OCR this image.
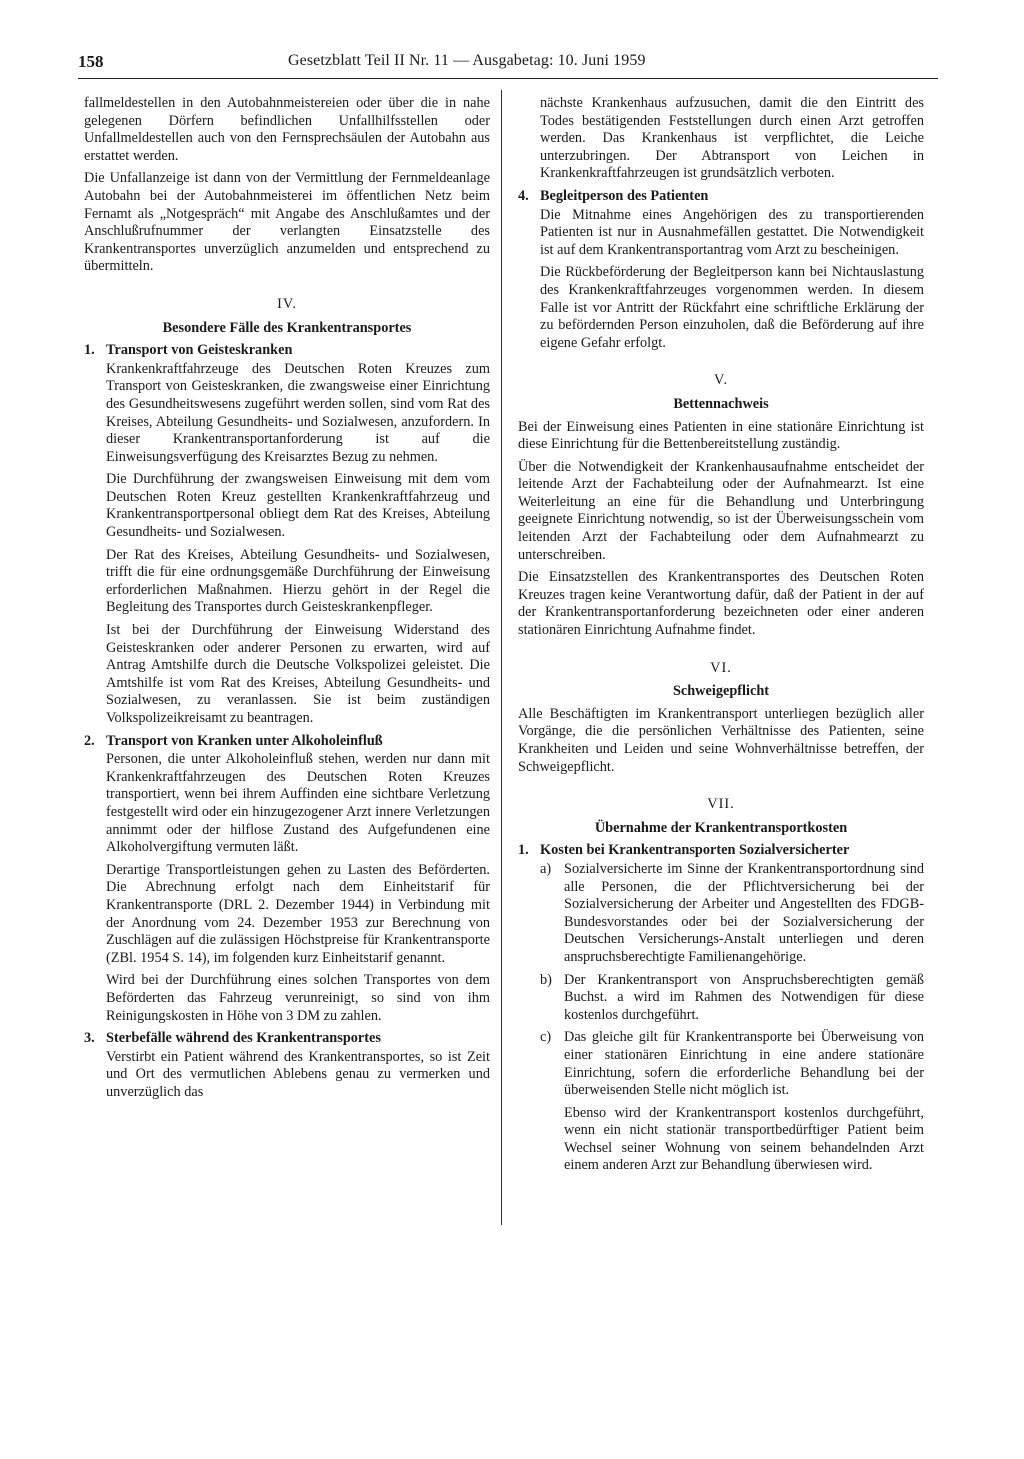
158	Gesetzblatt Teil II Nr. 11 — Ausgabetag: 10. Juni 1959

fallmeldestellen in den Autobahnmeistereien oder über die in nahe gelegenen Dörfern befindlichen Unfallhilfsstellen oder Unfallmeldestellen auch von den Fernsprechsäulen der Autobahn aus erstattet werden.

Die Unfallanzeige ist dann von der Vermittlung der Fernmeldeanlage Autobahn bei der Autobahnmeisterei im öffentlichen Netz beim Fernamt als „Notgespräch“ mit Angabe des Anschlußamtes und der Anschlußrufnummer der verlangten Einsatzstelle des Krankentransportes unverzüglich anzumelden und entsprechend zu übermitteln.

IV.
Besondere Fälle des Krankentransportes
1. Transport von Geisteskranken

Krankenkraftfahrzeuge des Deutschen Roten Kreuzes zum Transport von Geisteskranken, die zwangsweise einer Einrichtung des Gesundheitswesens zugeführt werden sollen, sind vom Rat des Kreises, Abteilung Gesundheits- und Sozialwesen, anzufordern. In dieser Krankentransportanforderung ist auf die Einweisungsverfügung des Kreisarztes Bezug zu nehmen.

Die Durchführung der zwangsweisen Einweisung mit dem vom Deutschen Roten Kreuz gestellten Krankenkraftfahrzeug und Krankentransportpersonal obliegt dem Rat des Kreises, Abteilung Gesundheits- und Sozialwesen.

Der Rat des Kreises, Abteilung Gesundheits- und Sozialwesen, trifft die für eine ordnungsgemäße Durchführung der Einweisung erforderlichen Maßnahmen. Hierzu gehört in der Regel die Begleitung des Transportes durch Geisteskrankenpfleger.

Ist bei der Durchführung der Einweisung Widerstand des Geisteskranken oder anderer Personen zu erwarten, wird auf Antrag Amtshilfe durch die Deutsche Volkspolizei geleistet. Die Amtshilfe ist vom Rat des Kreises, Abteilung Gesundheits- und Sozialwesen, zu veranlassen. Sie ist beim zuständigen Volkspolizeikreisamt zu beantragen.

2. Transport von Kranken unter Alkoholeinfluß

Personen, die unter Alkoholeinfluß stehen, werden nur dann mit Krankenkraftfahrzeugen des Deutschen Roten Kreuzes transportiert, wenn bei ihrem Auffinden eine sichtbare Verletzung festgestellt wird oder ein hinzugezogener Arzt innere Verletzungen annimmt oder der hilflose Zustand des Aufgefundenen eine Alkoholvergiftung vermuten läßt.

Derartige Transportleistungen gehen zu Lasten des Beförderten. Die Abrechnung erfolgt nach dem Einheitstarif für Krankentransporte (DRL 2. Dezember 1944) in Verbindung mit der Anordnung vom 24. Dezember 1953 zur Berechnung von Zuschlägen auf die zulässigen Höchstpreise für Krankentransporte (ZBl. 1954 S. 14), im folgenden kurz Einheitstarif genannt.

Wird bei der Durchführung eines solchen Transportes von dem Beförderten das Fahrzeug verunreinigt, so sind von ihm Reinigungskosten in Höhe von 3 DM zu zahlen.

3. Sterbefälle während des Krankentransportes

Verstirbt ein Patient während des Krankentransportes, so ist Zeit und Ort des vermutlichen Ablebens genau zu vermerken und unverzüglich das

nächste Krankenhaus aufzusuchen, damit die den Eintritt des Todes bestätigenden Feststellungen durch einen Arzt getroffen werden. Das Krankenhaus ist verpflichtet, die Leiche unterzubringen. Der Abtransport von Leichen in Krankenkraftfahrzeugen ist grundsätzlich verboten.

4. Begleitperson des Patienten

Die Mitnahme eines Angehörigen des zu transportierenden Patienten ist nur in Ausnahmefällen gestattet. Die Notwendigkeit ist auf dem Krankentransportantrag vom Arzt zu bescheinigen.

Die Rückbeförderung der Begleitperson kann bei Nichtauslastung des Krankenkraftfahrzeuges vorgenommen werden. In diesem Falle ist vor Antritt der Rückfahrt eine schriftliche Erklärung der zu befördernden Person einzuholen, daß die Beförderung auf ihre eigene Gefahr erfolgt.

V.
Bettennachweis

Bei der Einweisung eines Patienten in eine stationäre Einrichtung ist diese Einrichtung für die Bettenbereitstellung zuständig.

Über die Notwendigkeit der Krankenhausaufnahme entscheidet der leitende Arzt der Fachabteilung oder der Aufnahmearzt. Ist eine Weiterleitung an eine für die Behandlung und Unterbringung geeignete Einrichtung notwendig, so ist der Überweisungsschein vom leitenden Arzt der Fachabteilung oder dem Aufnahmearzt zu unterschreiben.

Die Einsatzstellen des Krankentransportes des Deutschen Roten Kreuzes tragen keine Verantwortung dafür, daß der Patient in der auf der Krankentransportanforderung bezeichneten oder einer anderen stationären Einrichtung Aufnahme findet.

VI.
Schweigepflicht

Alle Beschäftigten im Krankentransport unterliegen bezüglich aller Vorgänge, die die persönlichen Verhältnisse des Patienten, seine Krankheiten und Leiden und seine Wohnverhältnisse betreffen, der Schweigepflicht.

VII.
Übernahme der Krankentransportkosten
1. Kosten bei Krankentransporten Sozialversicherter
a) Sozialversicherte im Sinne der Krankentransportordnung sind alle Personen, die der Pflichtversicherung bei der Sozialversicherung der Arbeiter und Angestellten des FDGB-Bundesvorstandes oder bei der Sozialversicherung der Deutschen Versicherungs-Anstalt unterliegen und deren anspruchsberechtigte Familienangehörige.
b) Der Krankentransport von Anspruchsberechtigten gemäß Buchst. a wird im Rahmen des Notwendigen für diese kostenlos durchgeführt.
c) Das gleiche gilt für Krankentransporte bei Überweisung von einer stationären Einrichtung in eine andere stationäre Einrichtung, sofern die erforderliche Behandlung bei der überweisenden Stelle nicht möglich ist.

Ebenso wird der Krankentransport kostenlos durchgeführt, wenn ein nicht stationär transportbedürftiger Patient beim Wechsel seiner Wohnung von seinem behandelnden Arzt einem anderen Arzt zur Behandlung überwiesen wird.
